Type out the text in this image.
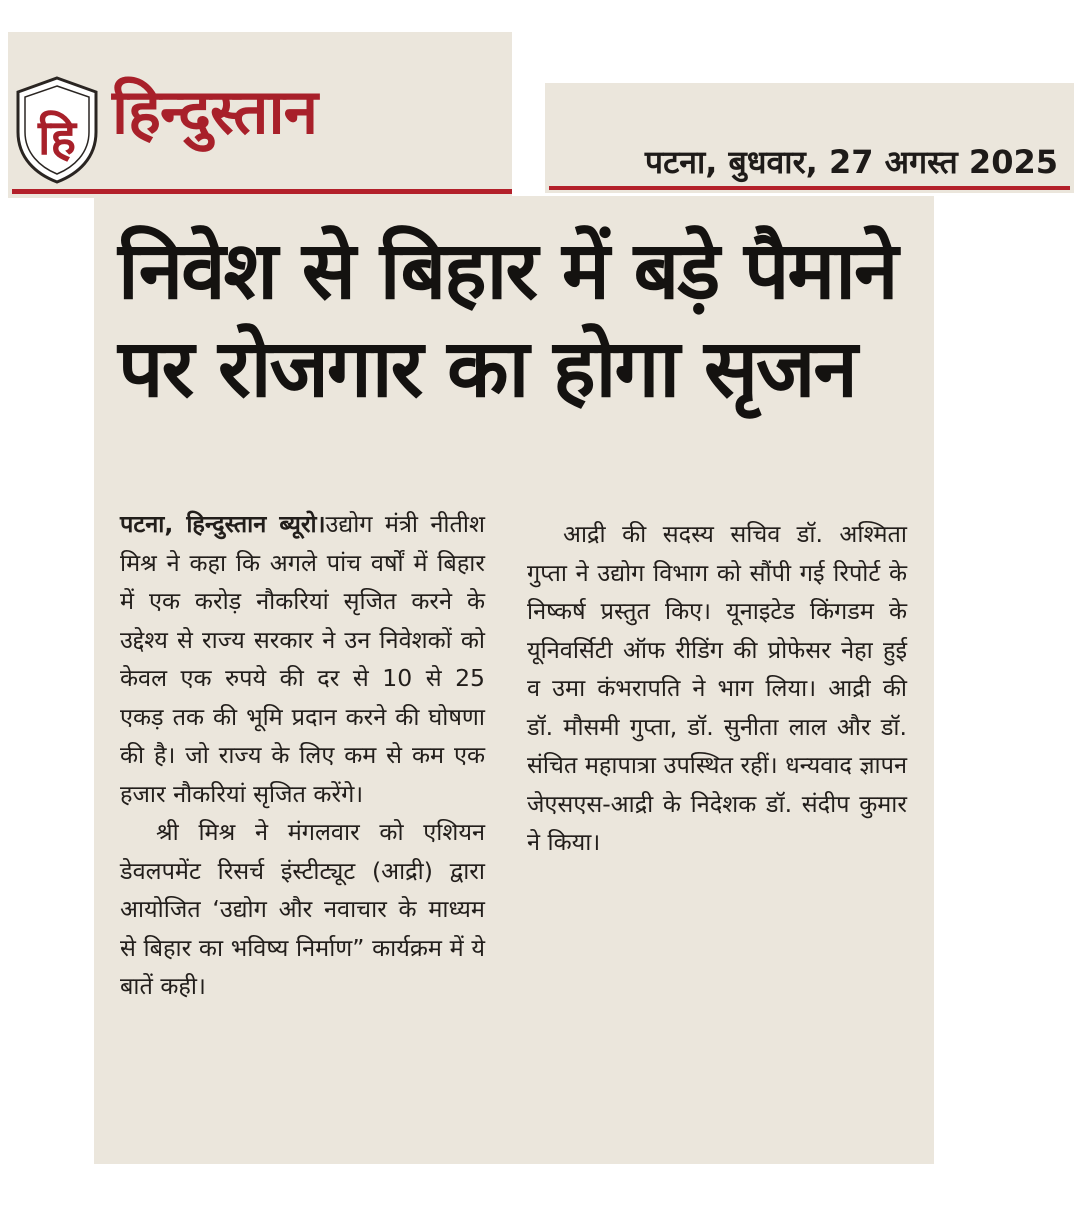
हि हिन्दुस्तान
पटना, बुधवार, 27 अगस्त 2025
निवेश से बिहार में बड़े पैमाने
पर रोजगार का होगा सृजन

पटना, हिन्दुस्तान ब्यूरो।उद्योग मंत्री नीतीश मिश्र ने कहा कि अगले पांच वर्षों में बिहार में एक करोड़ नौकरियां सृजित करने के उद्देश्य से राज्य सरकार ने उन निवेशकों को केवल एक रुपये की दर से 10 से 25 एकड़ तक की भूमि प्रदान करने की घोषणा की है। जो राज्य के लिए कम से कम एक हजार नौकरियां सृजित करेंगे।

श्री मिश्र ने मंगलवार को एशियन डेवलपमेंट रिसर्च इंस्टीट्यूट (आद्री) द्वारा आयोजित ‘उद्योग और नवाचार के माध्यम से बिहार का भविष्य निर्माण” कार्यक्रम में ये बातें कही।

आद्री की सदस्य सचिव डॉ. अश्मिता गुप्ता ने उद्योग विभाग को सौंपी गई रिपोर्ट के निष्कर्ष प्रस्तुत किए। यूनाइटेड किंगडम के यूनिवर्सिटी ऑफ रीडिंग की प्रोफेसर नेहा हुई व उमा कंभरापति ने भाग लिया। आद्री की डॉ. मौसमी गुप्ता, डॉ. सुनीता लाल और डॉ. संचित महापात्रा उपस्थित रहीं। धन्यवाद ज्ञापन जेएसएस-आद्री के निदेशक डॉ. संदीप कुमार ने किया।
